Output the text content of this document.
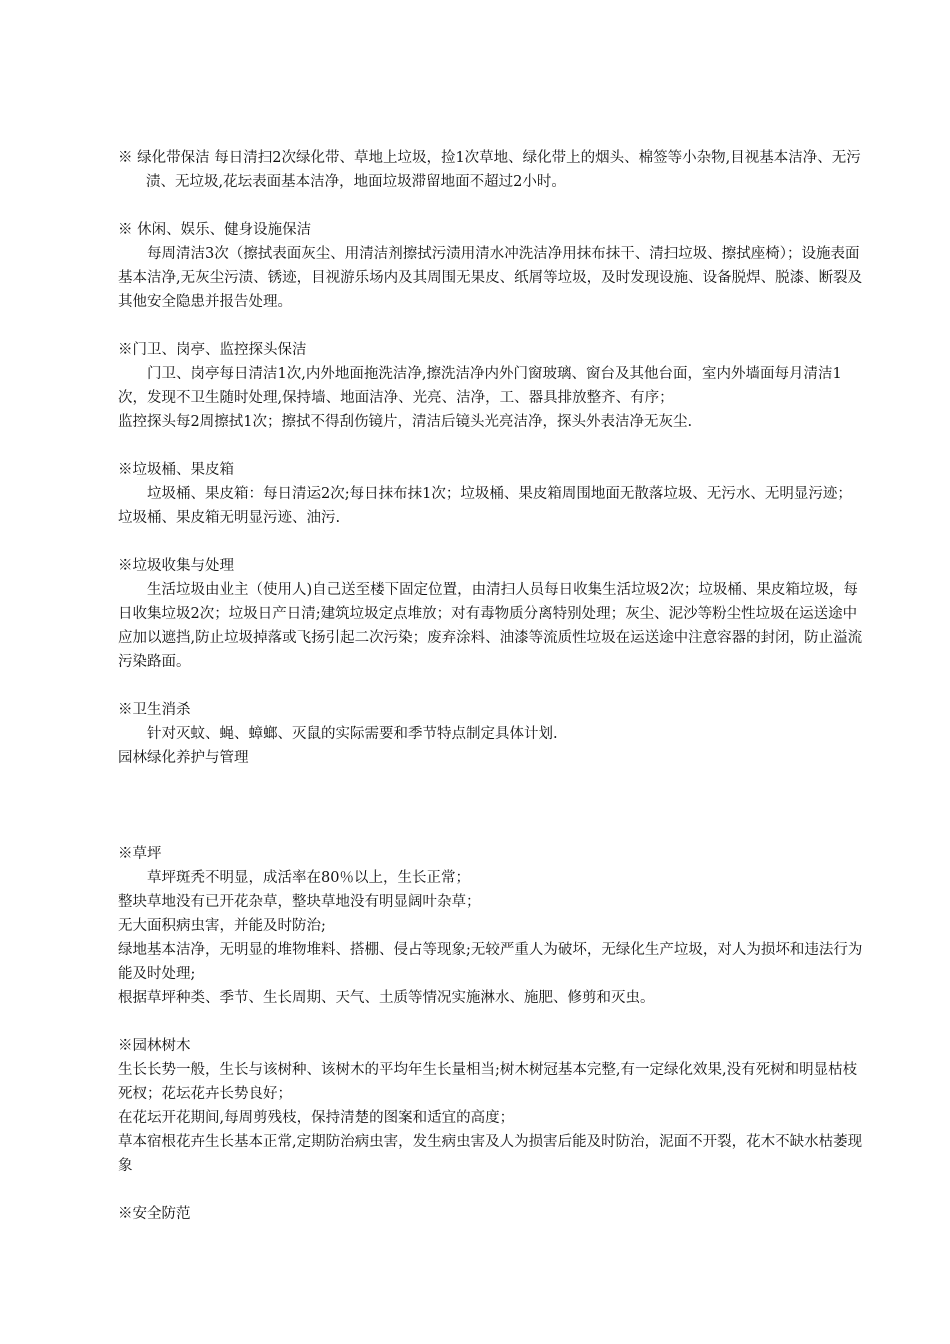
※ 绿化带保洁 每日清扫2次绿化带、草地上垃圾，捡1次草地、绿化带上的烟头、棉签等小杂物,目视基本洁净、无污渍、无垃圾,花坛表面基本洁净，地面垃圾滞留地面不超过2小时。

※ 休闲、娱乐、健身设施保洁

每周清洁3次（擦拭表面灰尘、用清洁剂擦拭污渍用清水冲洗洁净用抹布抹干、清扫垃圾、擦拭座椅）；设施表面基本洁净,无灰尘污渍、锈迹，目视游乐场内及其周围无果皮、纸屑等垃圾，及时发现设施、设备脱焊、脱漆、断裂及其他安全隐患并报告处理。

※门卫、岗亭、监控探头保洁

门卫、岗亭每日清洁1次,内外地面拖洗洁净,擦洗洁净内外门窗玻璃、窗台及其他台面，室内外墙面每月清洁1次，发现不卫生随时处理,保持墙、地面洁净、光亮、洁净，工、器具排放整齐、有序；

监控探头每2周擦拭1次；擦拭不得刮伤镜片，清洁后镜头光亮洁净，探头外表洁净无灰尘.

※垃圾桶、果皮箱

垃圾桶、果皮箱：每日清运2次;每日抹布抹1次；垃圾桶、果皮箱周围地面无散落垃圾、无污水、无明显污迹；垃圾桶、果皮箱无明显污迹、油污.

※垃圾收集与处理

生活垃圾由业主（使用人)自己送至楼下固定位置，由清扫人员每日收集生活垃圾2次；垃圾桶、果皮箱垃圾，每日收集垃圾2次；垃圾日产日清;建筑垃圾定点堆放；对有毒物质分离特别处理；灰尘、泥沙等粉尘性垃圾在运送途中应加以遮挡,防止垃圾掉落或飞扬引起二次污染；废弃涂料、油漆等流质性垃圾在运送途中注意容器的封闭，防止溢流污染路面。

※卫生消杀

针对灭蚊、蝇、蟑螂、灭鼠的实际需要和季节特点制定具体计划.

园林绿化养护与管理

※草坪

草坪斑秃不明显，成活率在80％以上，生长正常；

整块草地没有已开花杂草，整块草地没有明显阔叶杂草；

无大面积病虫害，并能及时防治;

绿地基本洁净，无明显的堆物堆料、搭棚、侵占等现象;无较严重人为破坏，无绿化生产垃圾，对人为损坏和违法行为能及时处理;

根据草坪种类、季节、生长周期、天气、土质等情况实施淋水、施肥、修剪和灭虫。

※园林树木

生长长势一般，生长与该树种、该树木的平均年生长量相当;树木树冠基本完整,有一定绿化效果,没有死树和明显枯枝死杈；花坛花卉长势良好；

在花坛开花期间,每周剪残枝，保持清楚的图案和适宜的高度；

草本宿根花卉生长基本正常,定期防治病虫害，发生病虫害及人为损害后能及时防治，泥面不开裂，花木不缺水枯萎现象

※安全防范
